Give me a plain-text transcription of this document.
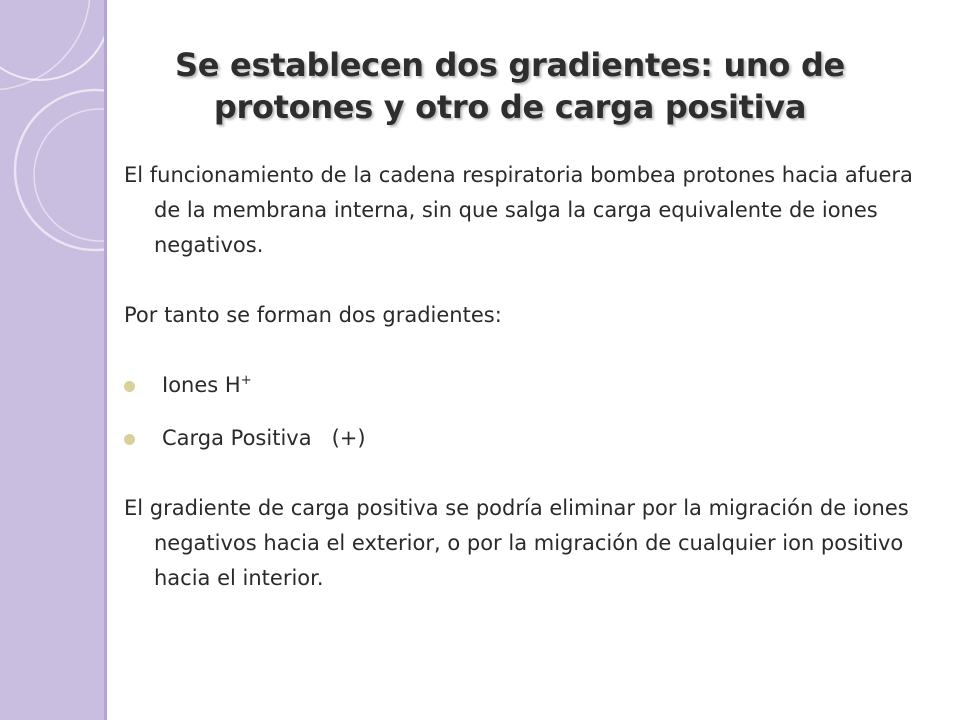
Se establecen dos gradientes: uno de protones y otro de carga positiva

El funcionamiento de la cadena respiratoria bombea protones hacia afuera de la membrana interna, sin que salga la carga equivalente de iones negativos.

Por tanto se forman dos gradientes:

Iones H+
Carga Positiva   (+)

El gradiente de carga positiva se podría eliminar por la migración de iones negativos hacia el exterior, o por la migración de cualquier ion positivo hacia el interior.
